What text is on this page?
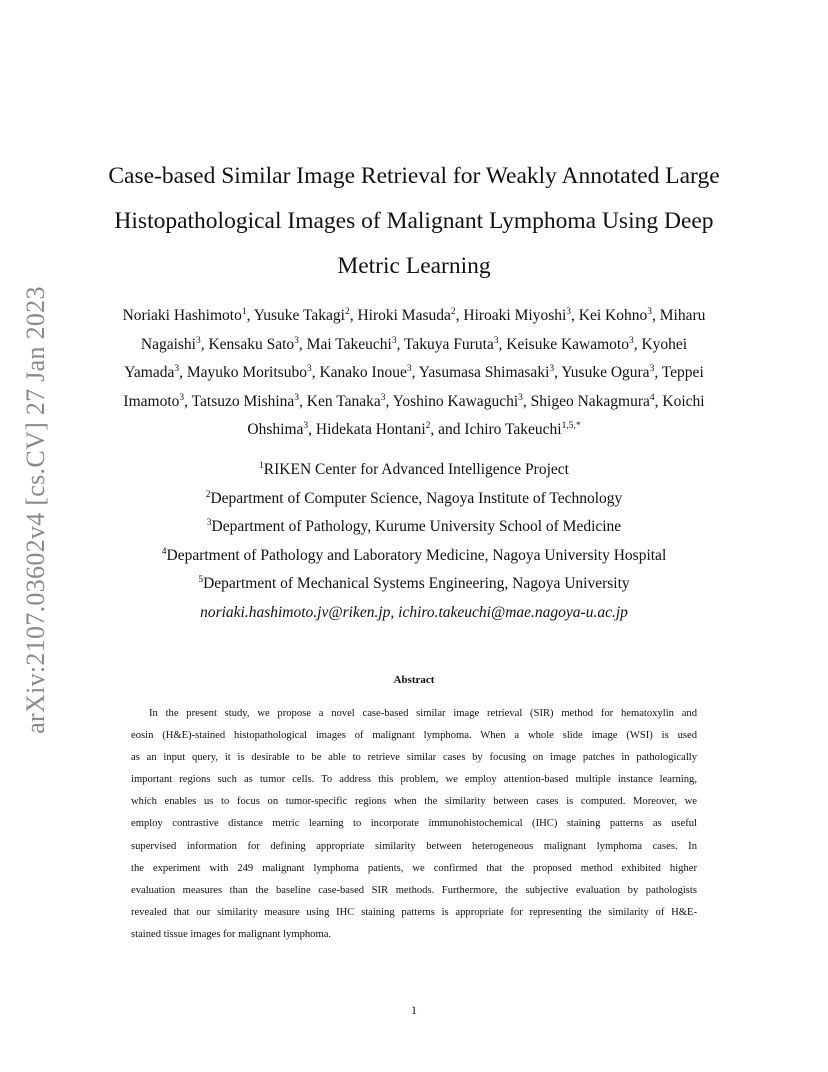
arXiv:2107.03602v4 [cs.CV] 27 Jan 2023
Case-based Similar Image Retrieval for Weakly Annotated Large
Histopathological Images of Malignant Lymphoma Using Deep
Metric Learning
Noriaki Hashimoto$^1$, Yusuke Takagi$^2$, Hiroki Masuda$^2$, Hiroaki Miyoshi$^3$, Kei Kohno$^3$, Miharu
Nagaishi$^3$, Kensaku Sato$^3$, Mai Takeuchi$^3$, Takuya Furuta$^3$, Keisuke Kawamoto$^3$, Kyohei
Yamada$^3$, Mayuko Moritsubo$^3$, Kanako Inoue$^3$, Yasumasa Shimasaki$^3$, Yusuke Ogura$^3$, Teppei
Imamoto$^3$, Tatsuzo Mishina$^3$, Ken Tanaka$^3$, Yoshino Kawaguchi$^3$, Shigeo Nakagmura$^4$, Koichi
Ohshima$^3$, Hidekata Hontani$^2$, and Ichiro Takeuchi$^{1,5,*}$
$^1$RIKEN Center for Advanced Intelligence Project
$^2$Department of Computer Science, Nagoya Institute of Technology
$^3$Department of Pathology, Kurume University School of Medicine
$^4$Department of Pathology and Laboratory Medicine, Nagoya University Hospital
$^5$Department of Mechanical Systems Engineering, Nagoya University
noriaki.hashimoto.jv@riken.jp, ichiro.takeuchi@mae.nagoya-u.ac.jp
Abstract
In the present study, we propose a novel case-based similar image retrieval (SIR) method for hematoxylin and
eosin (H&E)-stained histopathological images of malignant lymphoma. When a whole slide image (WSI) is used
as an input query, it is desirable to be able to retrieve similar cases by focusing on image patches in pathologically
important regions such as tumor cells. To address this problem, we employ attention-based multiple instance learning,
which enables us to focus on tumor-specific regions when the similarity between cases is computed. Moreover, we
employ contrastive distance metric learning to incorporate immunohistochemical (IHC) staining patterns as useful
supervised information for defining appropriate similarity between heterogeneous malignant lymphoma cases. In
the experiment with 249 malignant lymphoma patients, we confirmed that the proposed method exhibited higher
evaluation measures than the baseline case-based SIR methods. Furthermore, the subjective evaluation by pathologists
revealed that our similarity measure using IHC staining patterns is appropriate for representing the similarity of H&E-
stained tissue images for malignant lymphoma.
1
